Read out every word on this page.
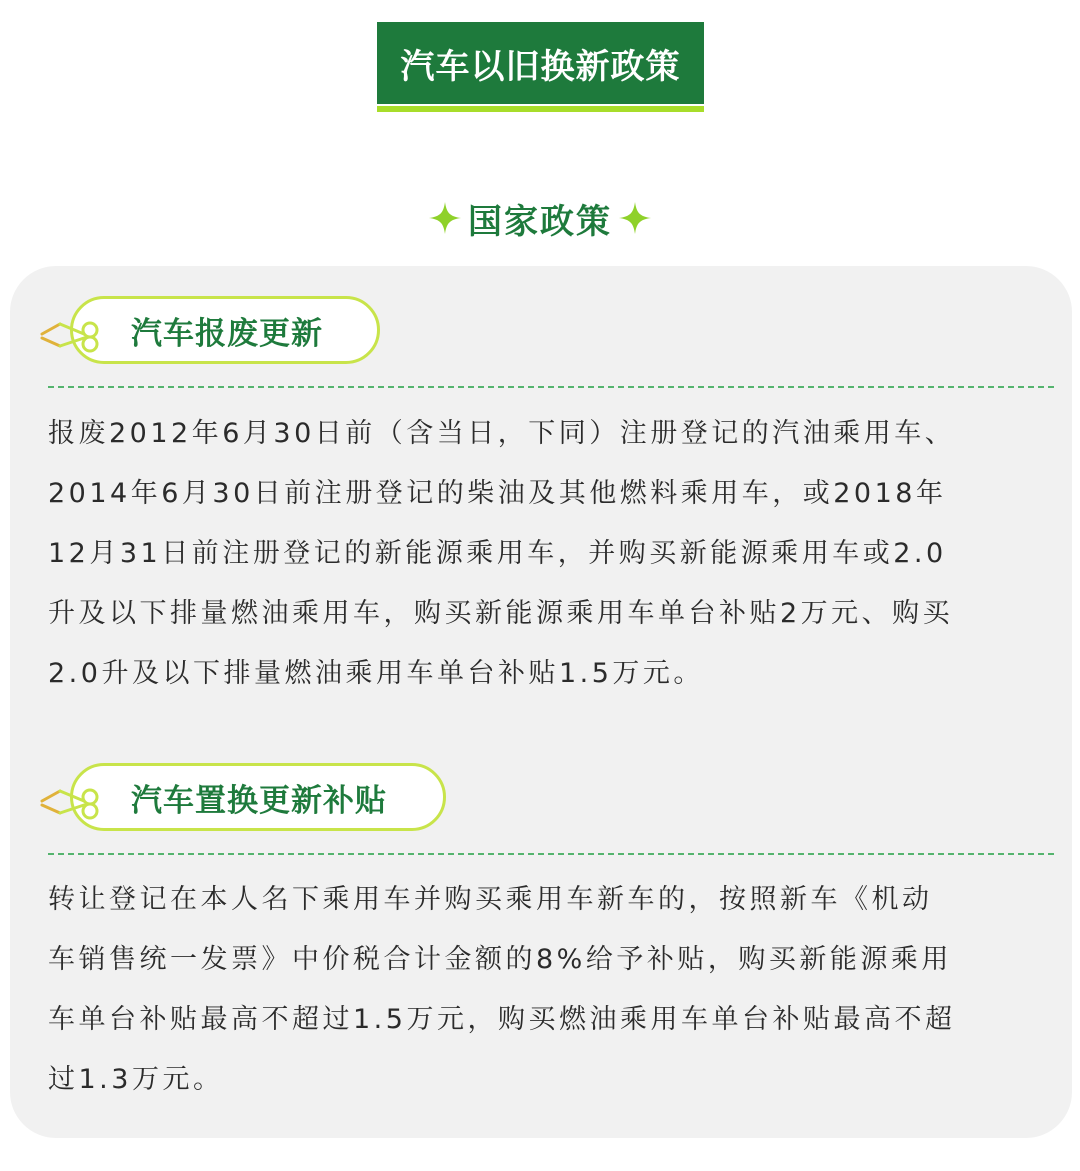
汽车以旧换新政策
国家政策
汽车报废更新
报废2012年6月30日前（含当日，下同）注册登记的汽油乘用车、
2014年6月30日前注册登记的柴油及其他燃料乘用车，或2018年
12月31日前注册登记的新能源乘用车，并购买新能源乘用车或2.0
升及以下排量燃油乘用车，购买新能源乘用车单台补贴2万元、购买
2.0升及以下排量燃油乘用车单台补贴1.5万元。
汽车置换更新补贴
转让登记在本人名下乘用车并购买乘用车新车的，按照新车《机动
车销售统一发票》中价税合计金额的8%给予补贴，购买新能源乘用
车单台补贴最高不超过1.5万元，购买燃油乘用车单台补贴最高不超
过1.3万元。
